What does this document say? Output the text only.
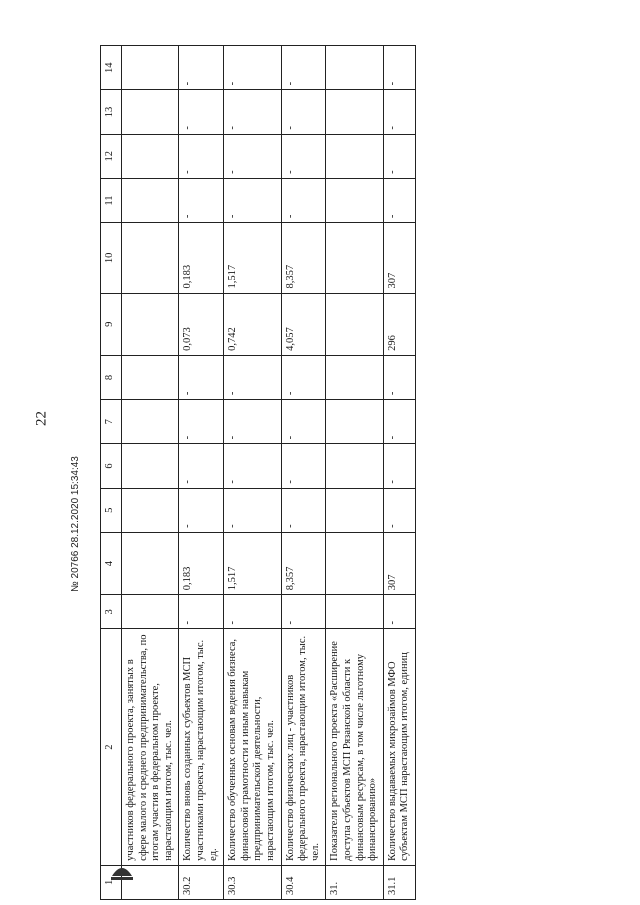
22
1	2	3	4	5	6	7	8	9	10	11	12	13	14
	участников федерального проекта, занятых в сфере малого и среднего предпринимательства, по итогам участия в федеральном проекте, нарастающим итогом, тыс. чел.												
30.2	Количество вновь созданных субъектов МСП участниками проекта, нарастающим итогом, тыс. ед.	-	0,183	-	-	-	-	0,073	0,183	-	-	-	-
30.3	Количество обученных основам ведения бизнеса, финансовой грамотности и иным навыкам предпринимательской деятельности, нарастающим итогом, тыс. чел.	-	1,517	-	-	-	-	0,742	1,517	-	-	-	-
30.4	Количество физических лиц - участников федерального проекта, нарастающим итогом, тыс. чел.	-	8,357	-	-	-	-	4,057	8,357	-	-	-	-
31.	Показатели регионального проекта «Расширение доступа субъектов МСП Рязанской области к финансовым ресурсам, в том числе льготному финансированию»												
31.1	Количество выдаваемых микрозаймов МФО субъектам МСП нарастающим итогом, единиц	-	307	-	-	-	-	296	307	-	-	-	-
№ 20766 28.12.2020 15:34:43
